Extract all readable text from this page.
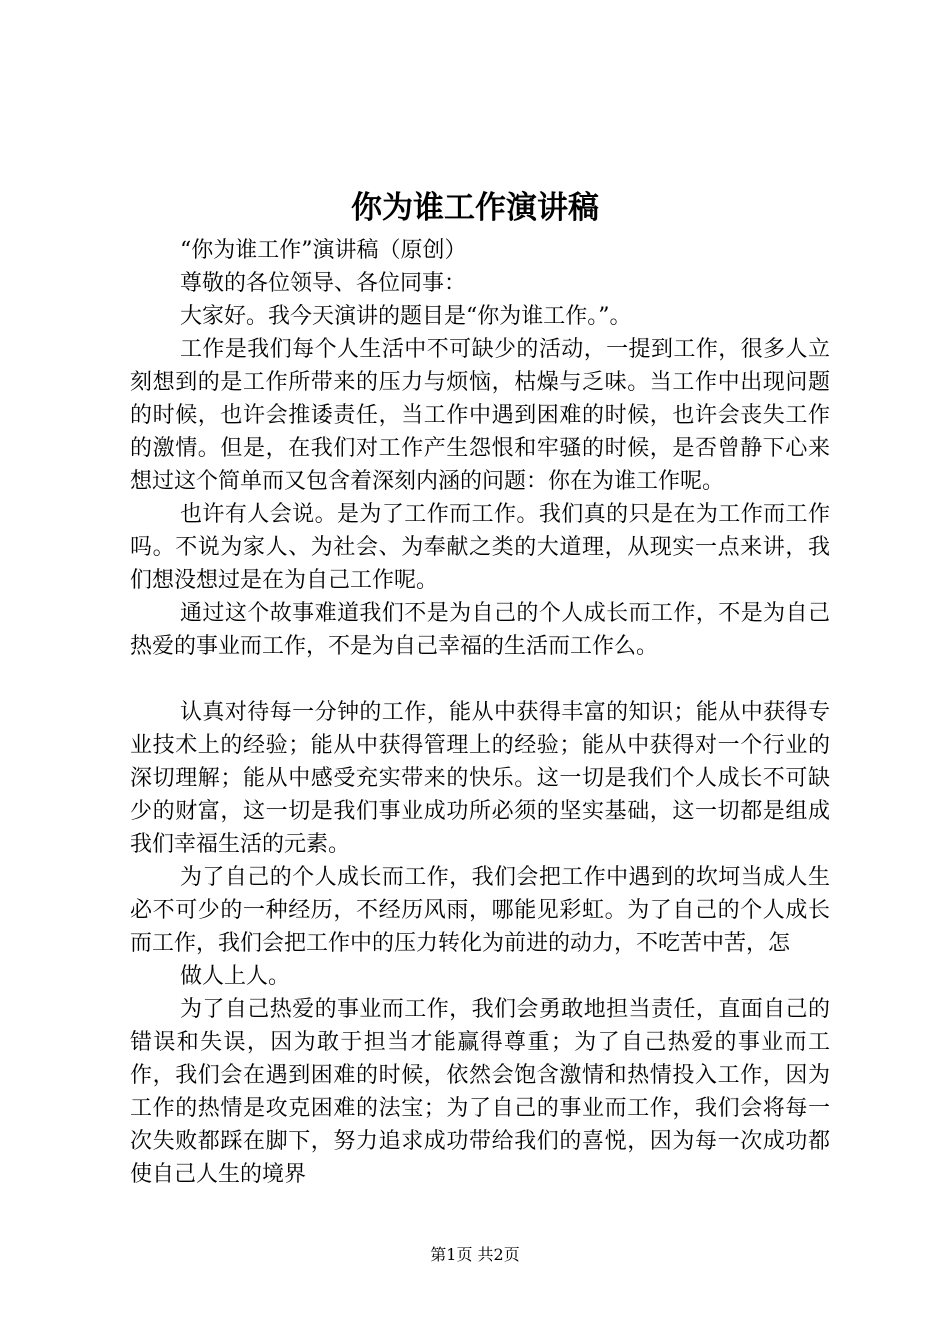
你为谁工作演讲稿

“你为谁工作”演讲稿（原创）

尊敬的各位领导、各位同事：

大家好。我今天演讲的题目是“你为谁工作。”。

工作是我们每个人生活中不可缺少的活动，一提到工作，很多人立刻想到的是工作所带来的压力与烦恼，枯燥与乏味。当工作中出现问题的时候，也许会推诿责任，当工作中遇到困难的时候，也许会丧失工作的激情。但是，在我们对工作产生怨恨和牢骚的时候，是否曾静下心来想过这个简单而又包含着深刻内涵的问题：你在为谁工作呢。

也许有人会说。是为了工作而工作。我们真的只是在为工作而工作吗。不说为家人、为社会、为奉献之类的大道理，从现实一点来讲，我们想没想过是在为自己工作呢。

通过这个故事难道我们不是为自己的个人成长而工作，不是为自己热爱的事业而工作，不是为自己幸福的生活而工作么。

认真对待每一分钟的工作，能从中获得丰富的知识；能从中获得专业技术上的经验；能从中获得管理上的经验；能从中获得对一个行业的深切理解；能从中感受充实带来的快乐。这一切是我们个人成长不可缺少的财富，这一切是我们事业成功所必须的坚实基础，这一切都是组成我们幸福生活的元素。

为了自己的个人成长而工作，我们会把工作中遇到的坎坷当成人生必不可少的一种经历，不经历风雨，哪能见彩虹。为了自己的个人成长而工作，我们会把工作中的压力转化为前进的动力，不吃苦中苦，怎

做人上人。

为了自己热爱的事业而工作，我们会勇敢地担当责任，直面自己的错误和失误，因为敢于担当才能赢得尊重；为了自己热爱的事业而工作，我们会在遇到困难的时候，依然会饱含激情和热情投入工作，因为工作的热情是攻克困难的法宝；为了自己的事业而工作，我们会将每一次失败都踩在脚下，努力追求成功带给我们的喜悦，因为每一次成功都使自己人生的境界

第1页 共2页
